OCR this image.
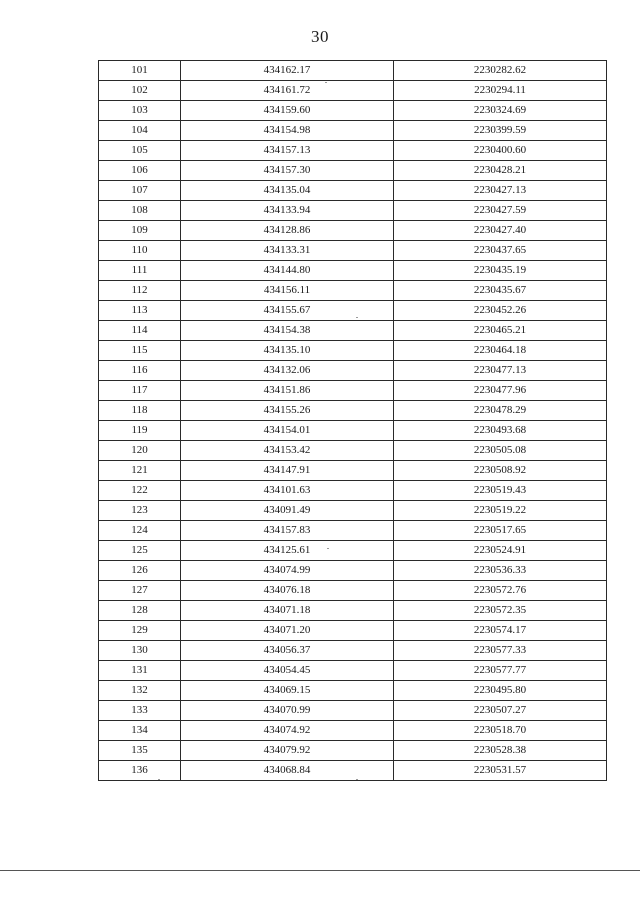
30
101	434162.17	2230282.62
102	434161.72	2230294.11
103	434159.60	2230324.69
104	434154.98	2230399.59
105	434157.13	2230400.60
106	434157.30	2230428.21
107	434135.04	2230427.13
108	434133.94	2230427.59
109	434128.86	2230427.40
110	434133.31	2230437.65
111	434144.80	2230435.19
112	434156.11	2230435.67
113	434155.67	2230452.26
114	434154.38	2230465.21
115	434135.10	2230464.18
116	434132.06	2230477.13
117	434151.86	2230477.96
118	434155.26	2230478.29
119	434154.01	2230493.68
120	434153.42	2230505.08
121	434147.91	2230508.92
122	434101.63	2230519.43
123	434091.49	2230519.22
124	434157.83	2230517.65
125	434125.61	2230524.91
126	434074.99	2230536.33
127	434076.18	2230572.76
128	434071.18	2230572.35
129	434071.20	2230574.17
130	434056.37	2230577.33
131	434054.45	2230577.77
132	434069.15	2230495.80
133	434070.99	2230507.27
134	434074.92	2230518.70
135	434079.92	2230528.38
136	434068.84	2230531.57
